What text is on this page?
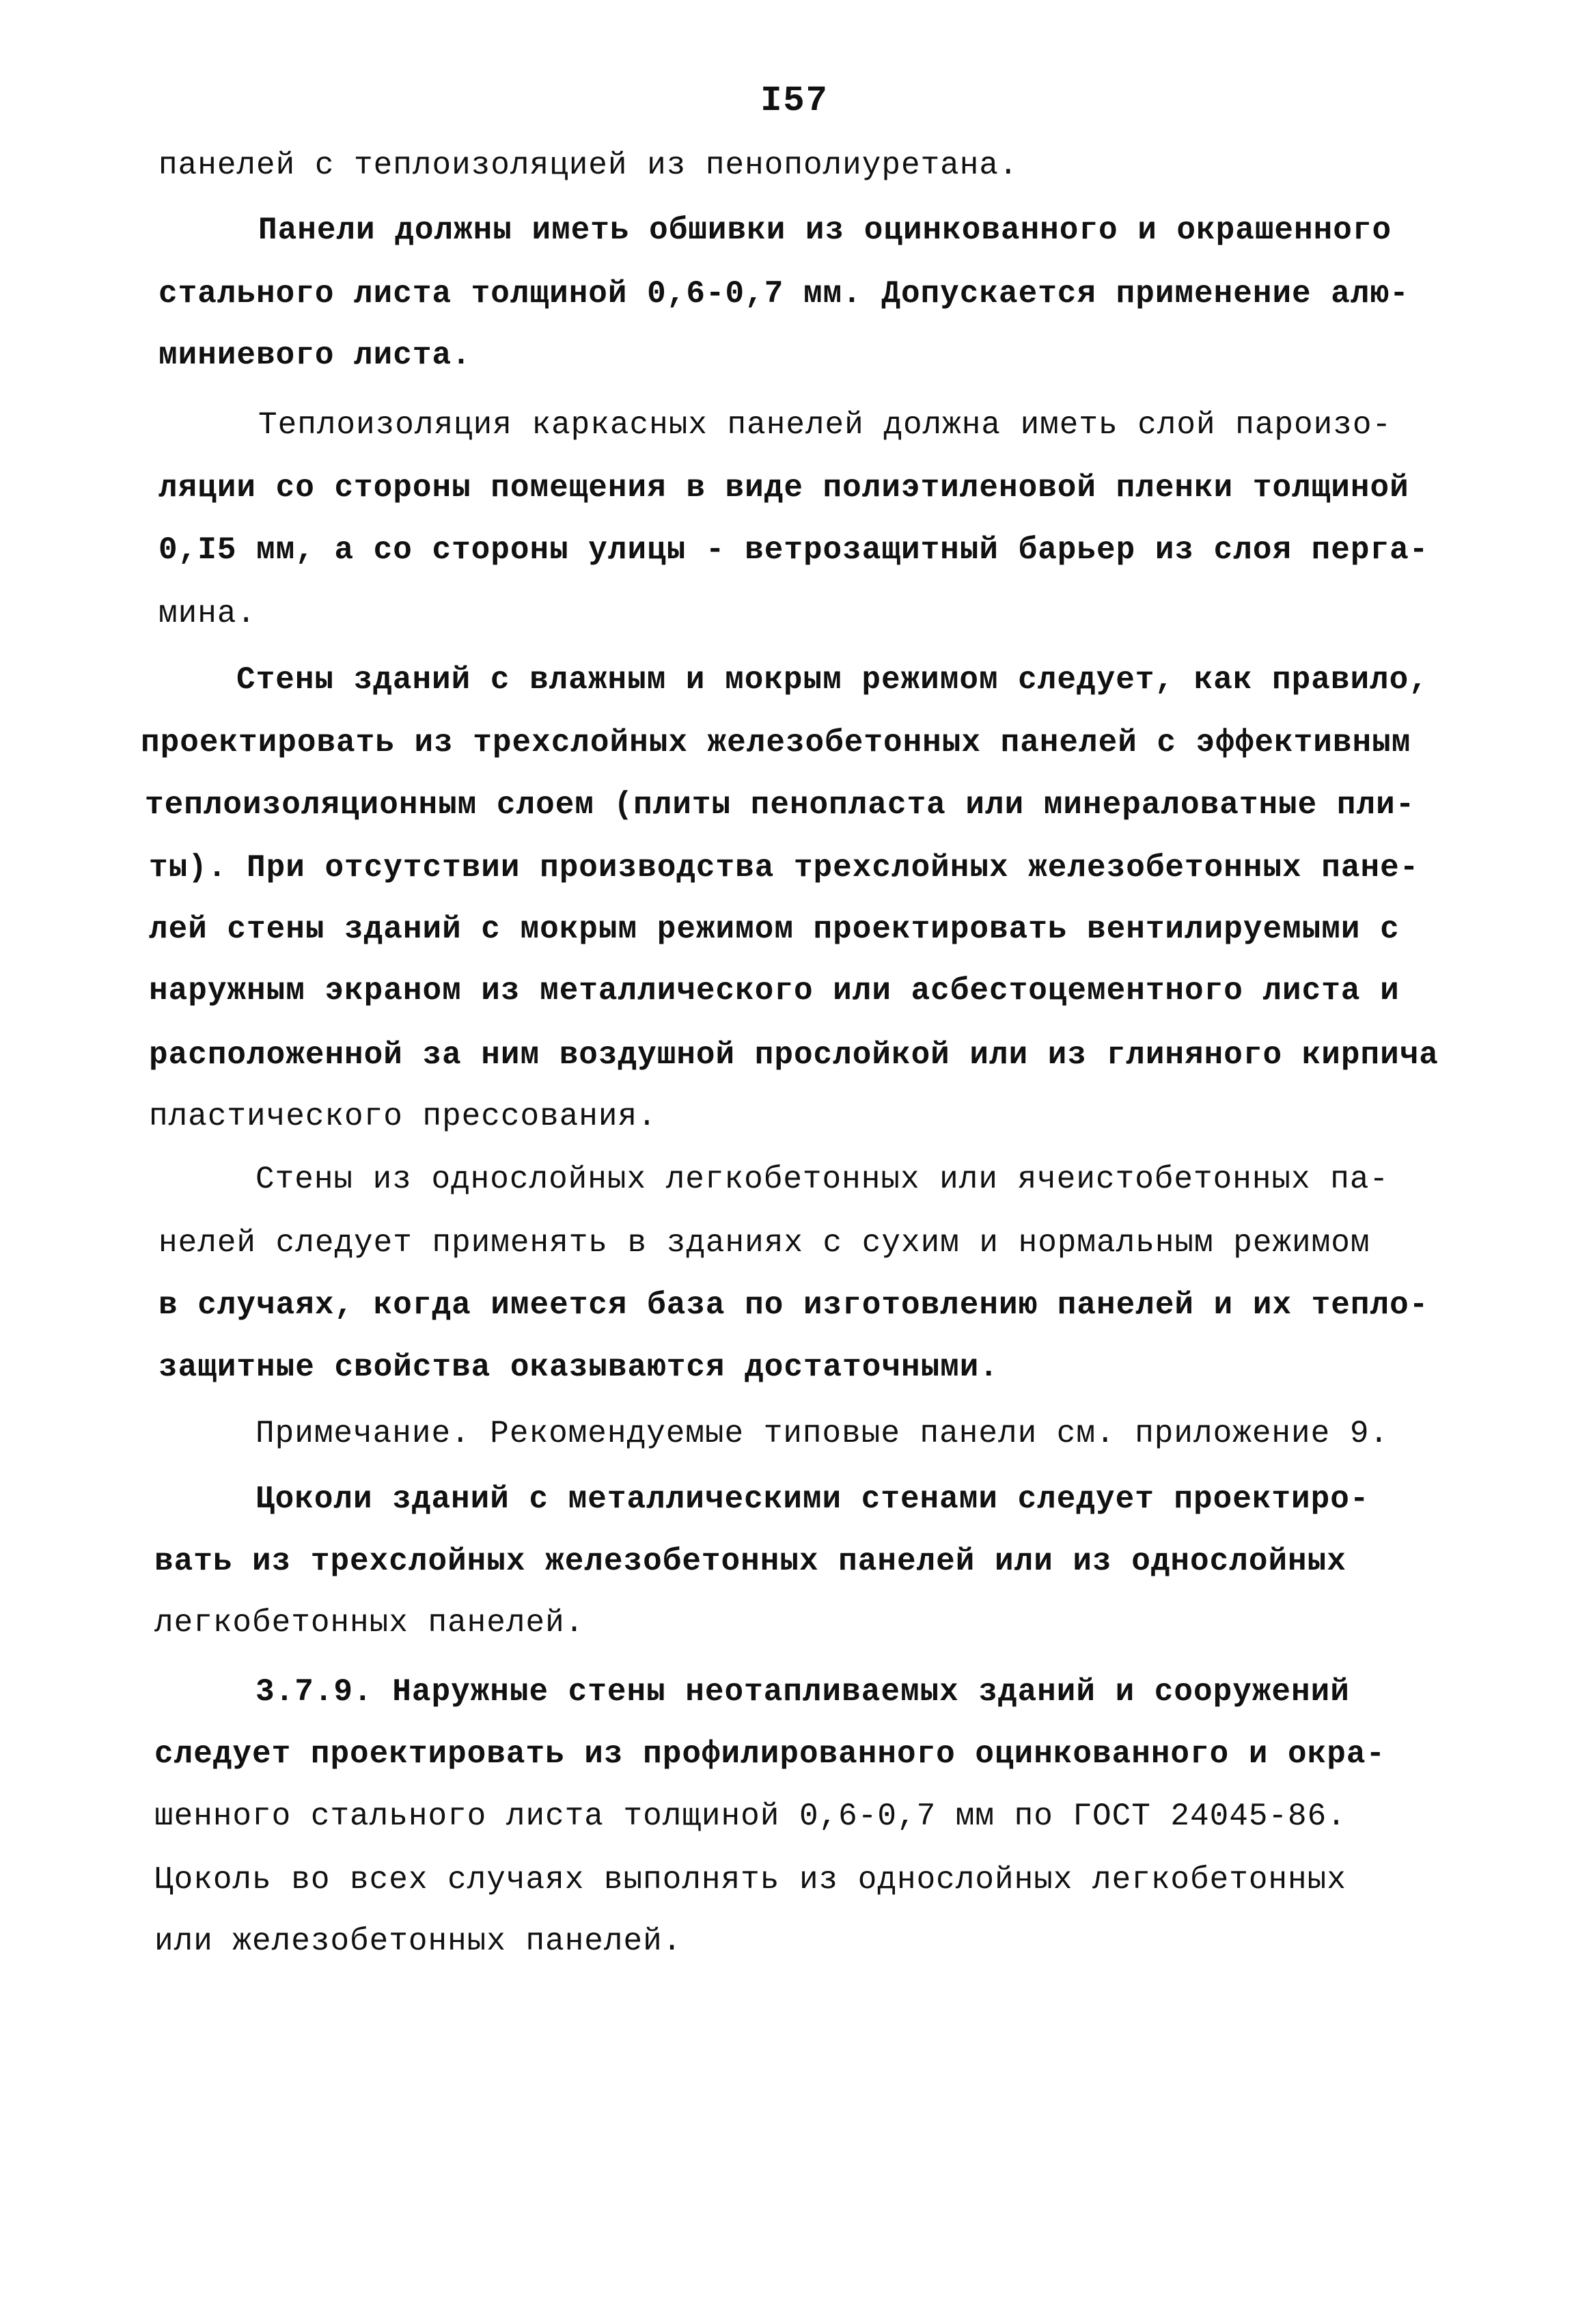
I57
панелей с теплоизоляцией из пенополиуретана.
Панели должны иметь обшивки из оцинкованного и окрашенного
стального листа толщиной 0,6-0,7 мм. Допускается применение алю-
миниевого листа.
Теплоизоляция каркасных панелей должна иметь слой пароизо-
ляции со стороны помещения в виде полиэтиленовой пленки толщиной
0,I5 мм, а со стороны улицы - ветрозащитный барьер из слоя перга-
мина.
Стены зданий с влажным и мокрым режимом следует, как правило,
проектировать из трехслойных железобетонных панелей с эффективным
теплоизоляционным слоем (плиты пенопласта или минераловатные пли-
ты). При отсутствии производства трехслойных железобетонных пане-
лей стены зданий с мокрым режимом проектировать вентилируемыми с
наружным экраном из металлического или асбестоцементного листа и
расположенной за ним воздушной прослойкой или из глиняного кирпича
пластического прессования.
Стены из однослойных легкобетонных или ячеистобетонных па-
нелей следует применять в зданиях с сухим и нормальным режимом
в случаях, когда имеется база по изготовлению панелей и их тепло-
защитные свойства оказываются достаточными.
Примечание. Рекомендуемые типовые панели см. приложение 9.
Цоколи зданий с металлическими стенами следует проектиро-
вать из трехслойных железобетонных панелей или из однослойных
легкобетонных панелей.
3.7.9. Наружные стены неотапливаемых зданий и сооружений
следует проектировать из профилированного оцинкованного и окра-
шенного стального листа толщиной 0,6-0,7 мм по ГОСТ 24045-86.
Цоколь во всех случаях выполнять из однослойных легкобетонных
или железобетонных панелей.
